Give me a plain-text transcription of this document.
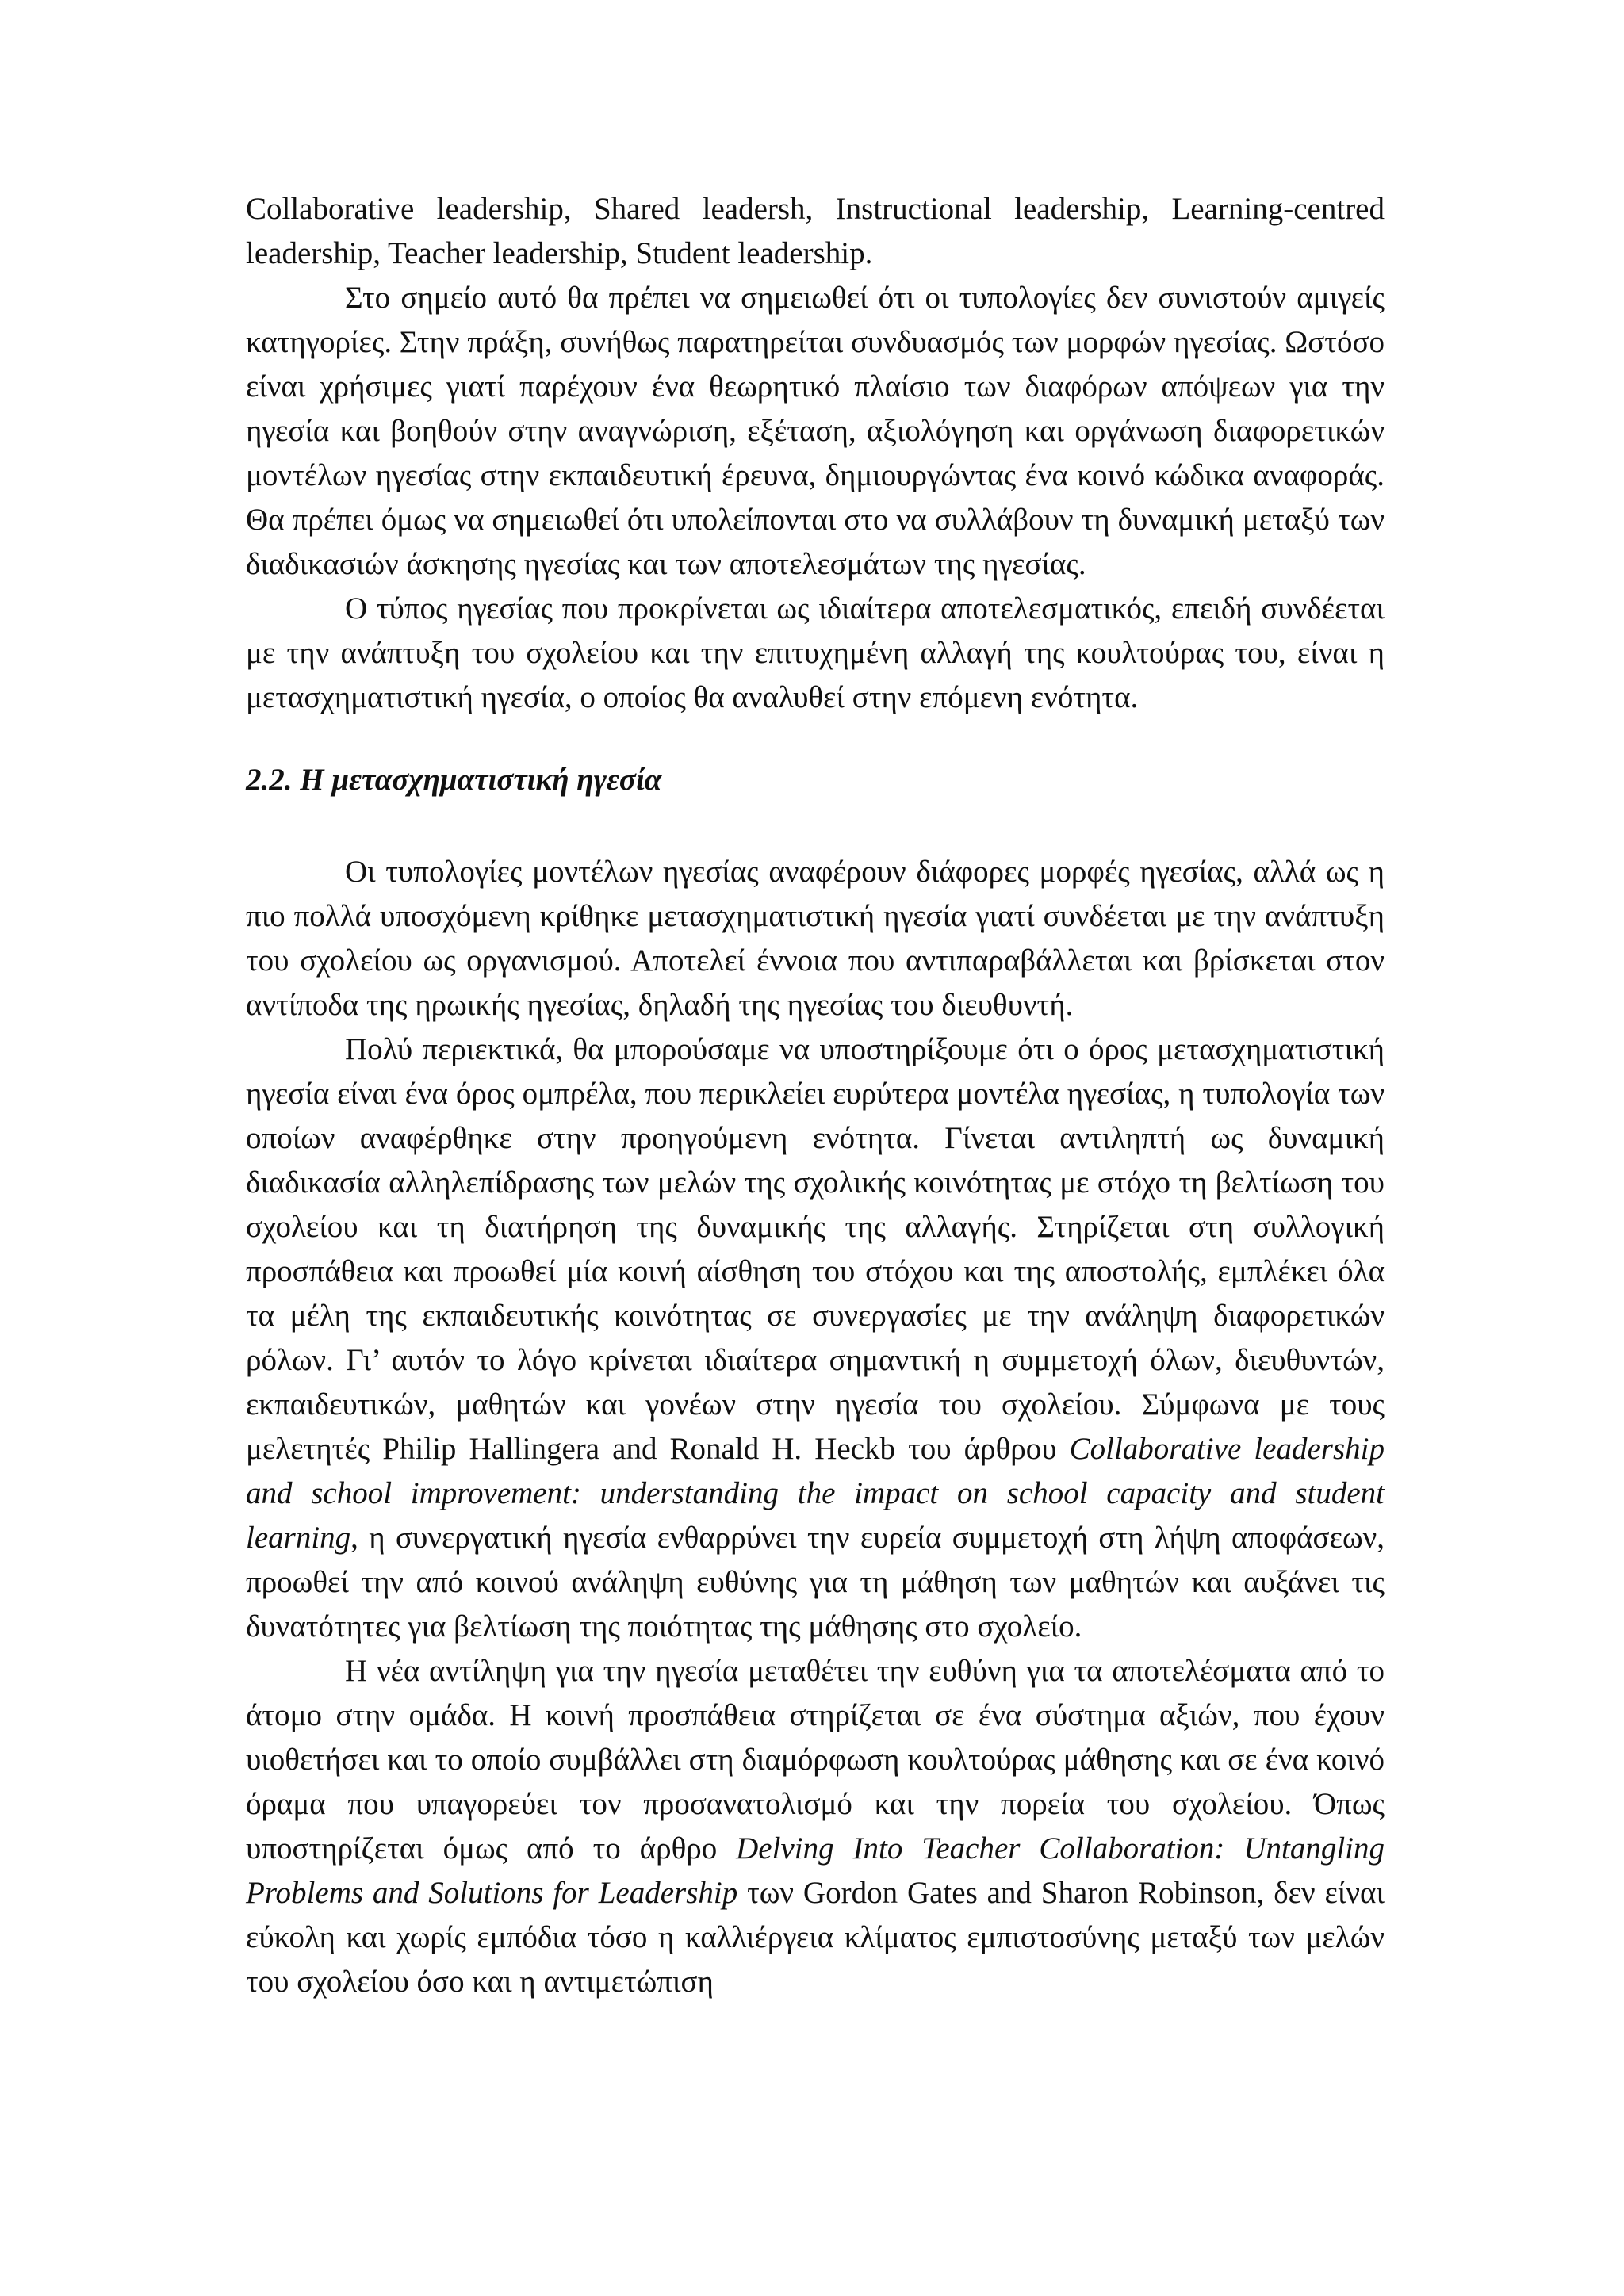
Collaborative leadership, Shared leadersh, Instructional leadership, Learning-centred leadership, Teacher leadership, Student leadership.

Στο σημείο αυτό θα πρέπει να σημειωθεί ότι οι τυπολογίες δεν συνιστούν αμιγείς κατηγορίες. Στην πράξη, συνήθως παρατηρείται συνδυασμός των μορφών ηγεσίας. Ωστόσο είναι χρήσιμες γιατί παρέχουν ένα θεωρητικό πλαίσιο των διαφόρων απόψεων για την ηγεσία και βοηθούν στην αναγνώριση, εξέταση, αξιολόγηση και οργάνωση διαφορετικών μοντέλων ηγεσίας στην εκπαιδευτική έρευνα, δημιουργώντας ένα κοινό κώδικα αναφοράς. Θα πρέπει όμως να σημειωθεί ότι υπολείπονται στο να συλλάβουν τη δυναμική μεταξύ των διαδικασιών άσκησης ηγεσίας και των αποτελεσμάτων της ηγεσίας.

Ο τύπος ηγεσίας που προκρίνεται ως ιδιαίτερα αποτελεσματικός, επειδή συνδέεται με την ανάπτυξη του σχολείου και την επιτυχημένη αλλαγή της κουλτούρας του, είναι η μετασχηματιστική ηγεσία, ο οποίος θα αναλυθεί στην επόμενη ενότητα.

2.2. Η μετασχηματιστική ηγεσία

Οι τυπολογίες μοντέλων ηγεσίας αναφέρουν διάφορες μορφές ηγεσίας, αλλά ως η πιο πολλά υποσχόμενη κρίθηκε μετασχηματιστική ηγεσία γιατί συνδέεται με την ανάπτυξη του σχολείου ως οργανισμού. Αποτελεί έννοια που αντιπαραβάλλεται και βρίσκεται στον αντίποδα της ηρωικής ηγεσίας, δηλαδή της ηγεσίας του διευθυντή.

Πολύ περιεκτικά, θα μπορούσαμε να υποστηρίξουμε ότι ο όρος μετασχηματιστική ηγεσία είναι ένα όρος ομπρέλα, που περικλείει ευρύτερα μοντέλα ηγεσίας, η τυπολογία των οποίων αναφέρθηκε στην προηγούμενη ενότητα. Γίνεται αντιληπτή ως δυναμική διαδικασία αλληλεπίδρασης των μελών της σχολικής κοινότητας με στόχο τη βελτίωση του σχολείου και τη διατήρηση της δυναμικής της αλλαγής. Στηρίζεται στη συλλογική προσπάθεια και προωθεί μία κοινή αίσθηση του στόχου και της αποστολής, εμπλέκει όλα τα μέλη της εκπαιδευτικής κοινότητας σε συνεργασίες με την ανάληψη διαφορετικών ρόλων. Γι’ αυτόν το λόγο κρίνεται ιδιαίτερα σημαντική η συμμετοχή όλων, διευθυντών, εκπαιδευτικών, μαθητών και γονέων στην ηγεσία του σχολείου. Σύμφωνα με τους μελετητές Philip Hallingera and Ronald H. Heckb του άρθρου Collaborative leadership and school improvement: understanding the impact on school capacity and student learning, η συνεργατική ηγεσία ενθαρρύνει την ευρεία συμμετοχή στη λήψη αποφάσεων, προωθεί την από κοινού ανάληψη ευθύνης για τη μάθηση των μαθητών και αυξάνει τις δυνατότητες για βελτίωση της ποιότητας της μάθησης στο σχολείο.

Η νέα αντίληψη για την ηγεσία μεταθέτει την ευθύνη για τα αποτελέσματα από το άτομο στην ομάδα. Η κοινή προσπάθεια στηρίζεται σε ένα σύστημα αξιών, που έχουν υιοθετήσει και το οποίο συμβάλλει στη διαμόρφωση κουλτούρας μάθησης και σε ένα κοινό όραμα που υπαγορεύει τον προσανατολισμό και την πορεία του σχολείου. Όπως υποστηρίζεται όμως από το άρθρο Delving Into Teacher Collaboration: Untangling Problems and Solutions for Leadership των Gordon Gates and Sharon Robinson, δεν είναι εύκολη και χωρίς εμπόδια τόσο η καλλιέργεια κλίματος εμπιστοσύνης μεταξύ των μελών του σχολείου όσο και η αντιμετώπιση
